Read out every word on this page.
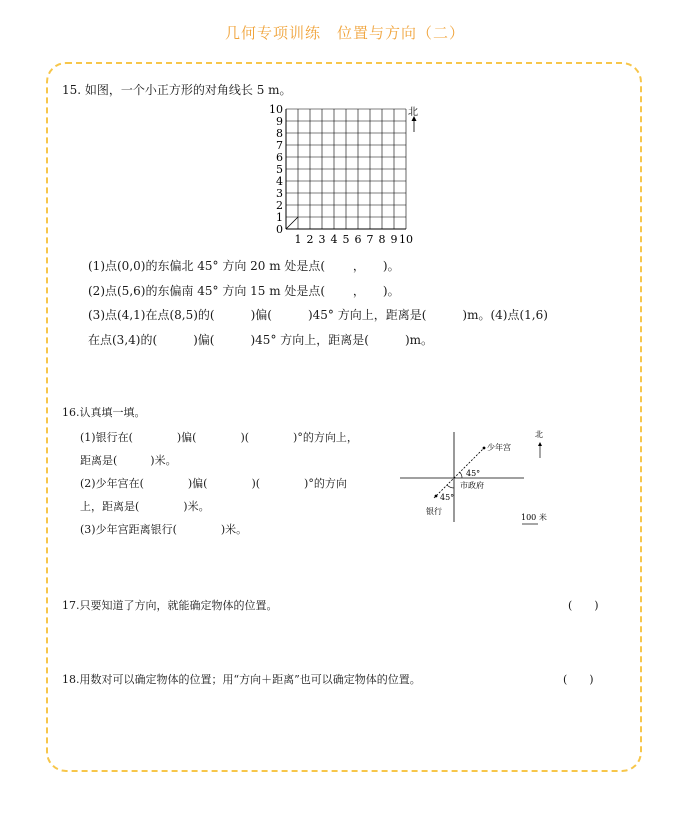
几何专项训练　位置与方向（二）
15. 如图，一个小正方形的对角线长 5 m。
0
1
2
3
4
5
6
7
8
9
10
1 2 3 4 5 6 7 8 9 10
北
(1)点(0,0)的东偏北 45° 方向 20 m 处是点(　　 ，　　)。
(2)点(5,6)的东偏南 45° 方向 15 m 处是点(　　 ，　　)。
(3)点(4,1)在点(8,5)的(　　　)偏(　　　)45° 方向上，距离是(　　　)m。(4)点(1,6)
在点(3,4)的(　　　)偏(　　　)45° 方向上，距离是(　　　)m。
16.认真填一填。
(1)银行在(　　　　)偏(　　　　)(　　　　)°的方向上，
距离是(　　　)米。
(2)少年宫在(　　　　)偏(　　　　)(　　　　)°的方向
上，距离是(　　　　)米。
(3)少年宫距离银行(　　　　)米。
少年宫
市政府
银行
45°
45°
北
100 米
17.只要知道了方向，就能确定物体的位置。	(　　)
18.用数对可以确定物体的位置；用“方向＋距离”也可以确定物体的位置。	(　　)
